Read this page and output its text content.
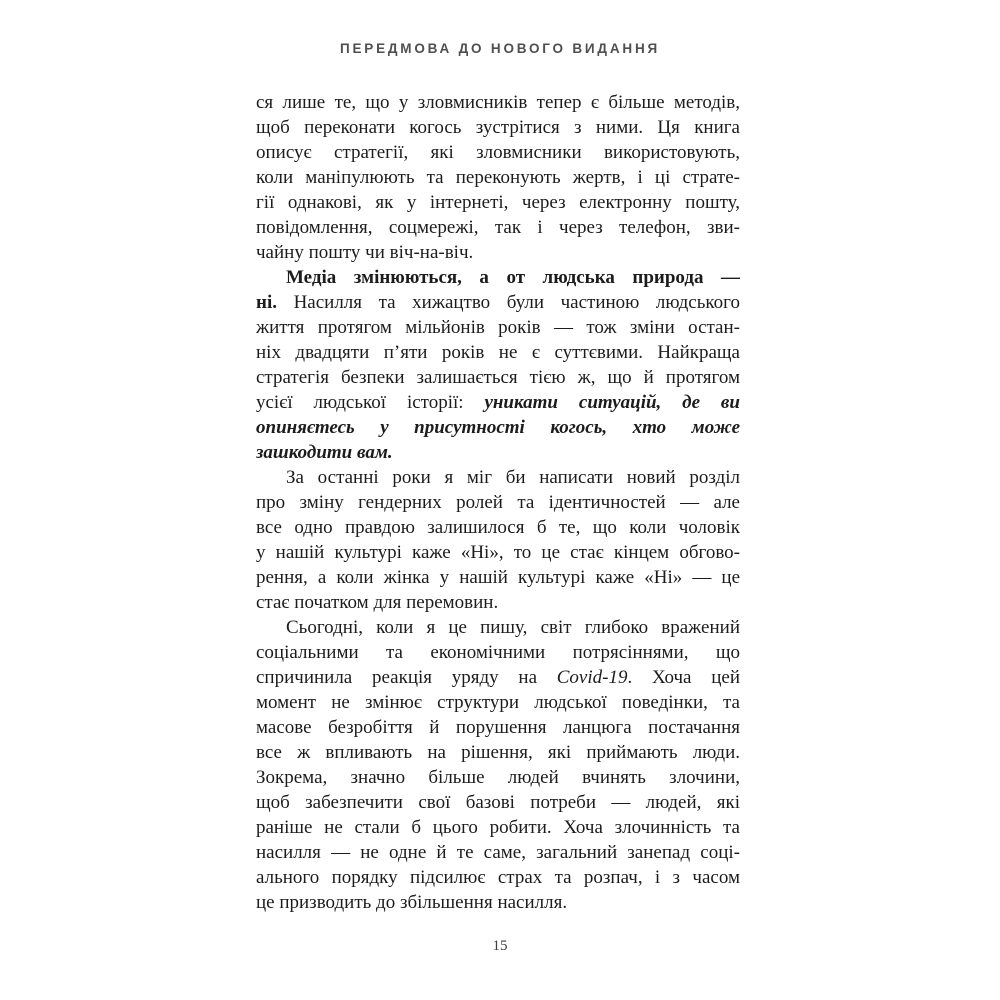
ПЕРЕДМОВА ДО НОВОГО ВИДАННЯ
ся лише те, що у зловмисників тепер є більше методів,
щоб переконати когось зустрітися з ними. Ця книга
описує стратегії, які зловмисники використовують,
коли маніпулюють та переконують жертв, і ці страте-
гії однакові, як у інтернеті, через електронну пошту,
повідомлення, соцмережі, так і через телефон, зви-
чайну пошту чи віч-на-віч.
Медіа змінюються, а от людська природа —
ні. Насилля та хижацтво були частиною людського
життя протягом мільйонів років — тож зміни остан-
ніх двадцяти п’яти років не є суттєвими. Найкраща
стратегія безпеки залишається тією ж, що й протягом
усієї людської історії: уникати ситуацій, де ви
опиняєтесь у присутності когось, хто може
зашкодити вам.
За останні роки я міг би написати новий розділ
про зміну гендерних ролей та ідентичностей — але
все одно правдою залишилося б те, що коли чоловік
у нашій культурі каже «Ні», то це стає кінцем обгово-
рення, а коли жінка у нашій культурі каже «Ні» — це
стає початком для перемовин.
Сьогодні, коли я це пишу, світ глибоко вражений
соціальними та економічними потрясіннями, що
спричинила реакція уряду на Covid-19. Хоча цей
момент не змінює структури людської поведінки, та
масове безробіття й порушення ланцюга постачання
все ж впливають на рішення, які приймають люди.
Зокрема, значно більше людей вчинять злочини,
щоб забезпечити свої базові потреби — людей, які
раніше не стали б цього робити. Хоча злочинність та
насилля — не одне й те саме, загальний занепад соці-
ального порядку підсилює страх та розпач, і з часом
це призводить до збільшення насилля.
15
